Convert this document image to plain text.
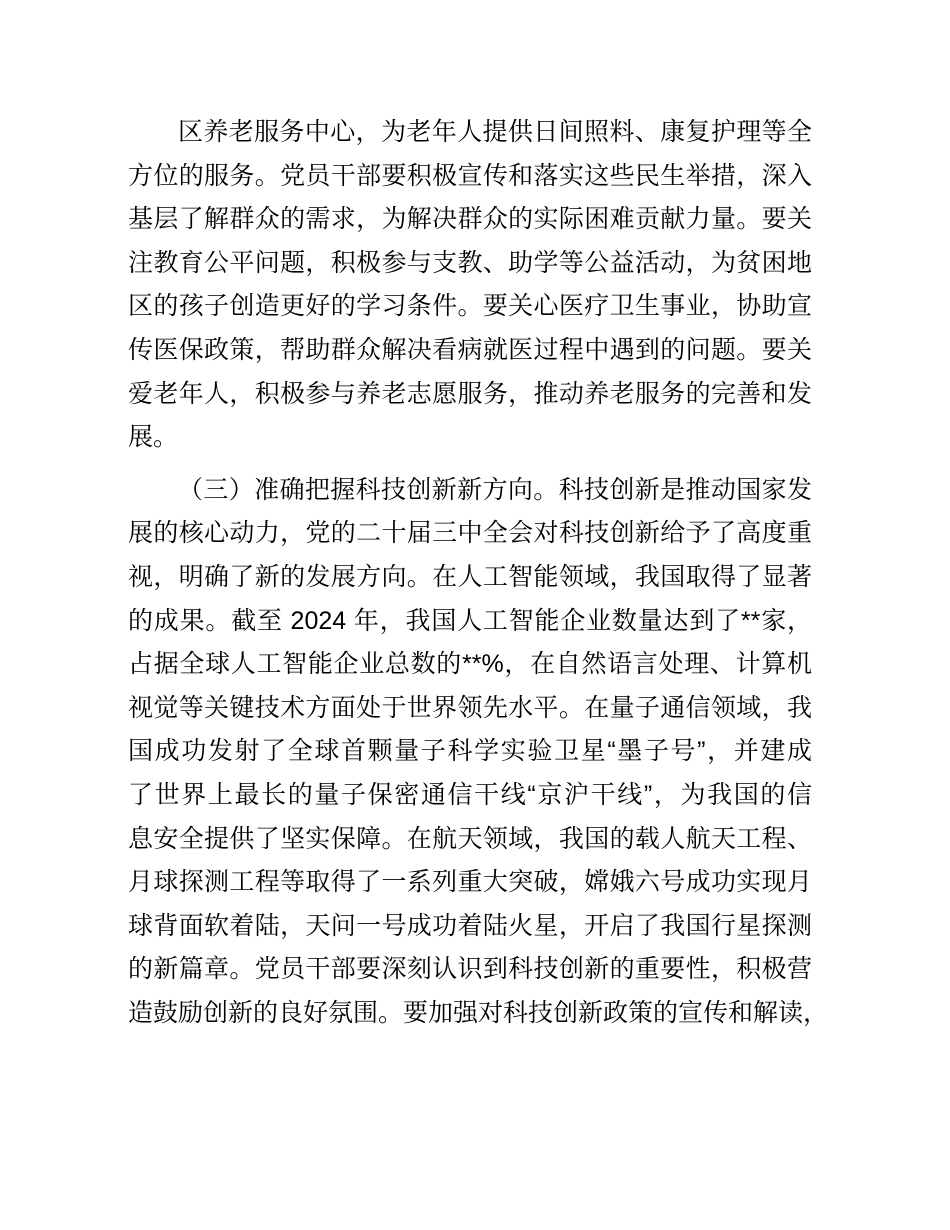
区养老服务中心，为老年人提供日间照料、康复护理等全
方位的服务。党员干部要积极宣传和落实这些民生举措，深入
基层了解群众的需求，为解决群众的实际困难贡献力量。要关
注教育公平问题，积极参与支教、助学等公益活动，为贫困地
区的孩子创造更好的学习条件。要关心医疗卫生事业，协助宣
传医保政策，帮助群众解决看病就医过程中遇到的问题。要关
爱老年人，积极参与养老志愿服务，推动养老服务的完善和发
展。

（三）准确把握科技创新新方向。科技创新是推动国家发
展的核心动力，党的二十届三中全会对科技创新给予了高度重
视，明确了新的发展方向。在人工智能领域，我国取得了显著
的成果。截至 2024 年，我国人工智能企业数量达到了**家，
占据全球人工智能企业总数的**%，在自然语言处理、计算机
视觉等关键技术方面处于世界领先水平。在量子通信领域，我
国成功发射了全球首颗量子科学实验卫星“墨子号”，并建成
了世界上最长的量子保密通信干线“京沪干线”，为我国的信
息安全提供了坚实保障。在航天领域，我国的载人航天工程、
月球探测工程等取得了一系列重大突破，嫦娥六号成功实现月
球背面软着陆，天问一号成功着陆火星，开启了我国行星探测
的新篇章。党员干部要深刻认识到科技创新的重要性，积极营
造鼓励创新的良好氛围。要加强对科技创新政策的宣传和解读，
